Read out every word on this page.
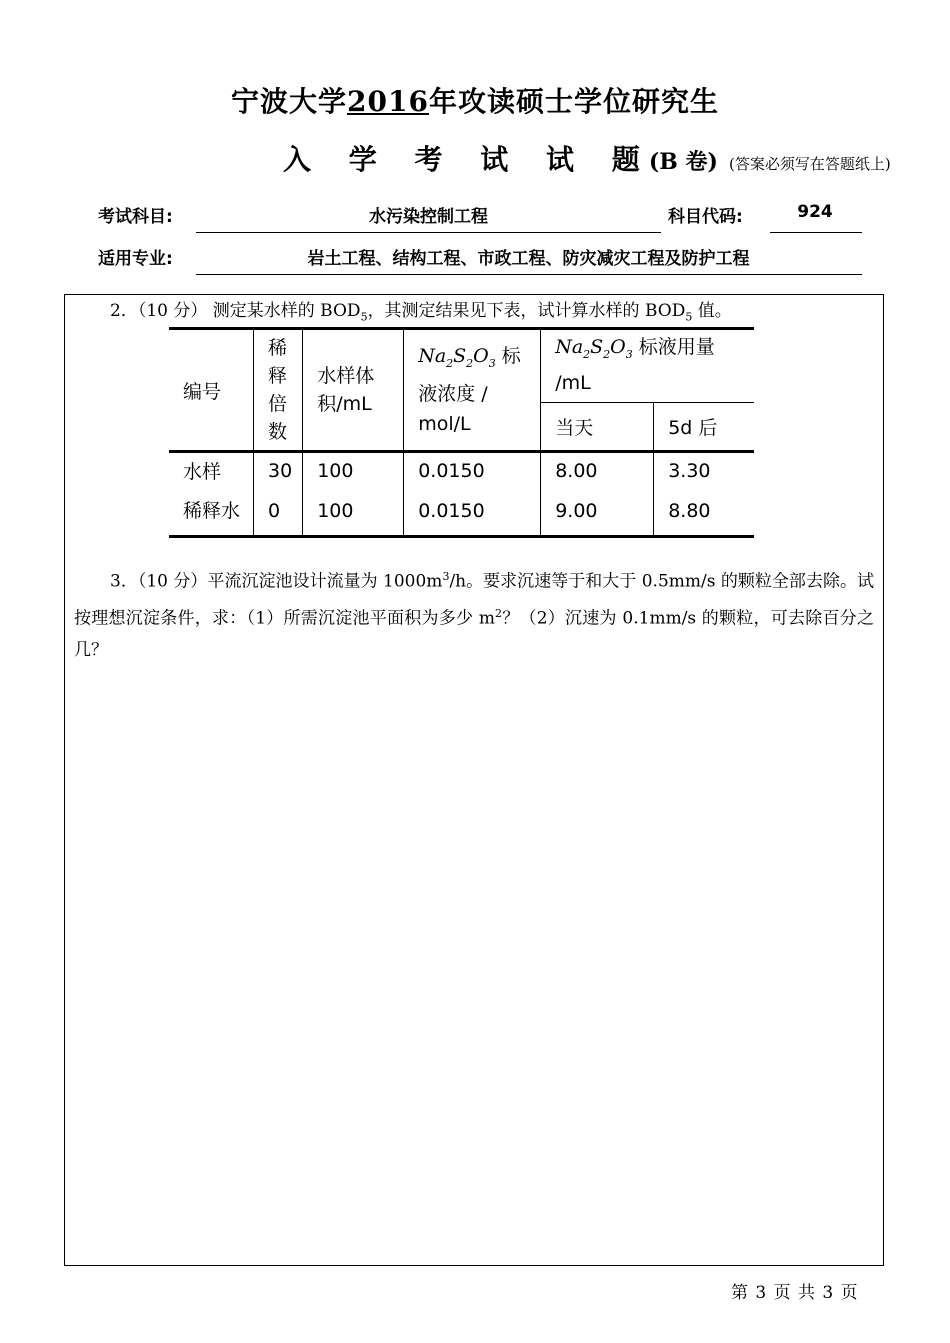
宁波大学2016年攻读硕士学位研究生
入 学 考 试 试 题 (B 卷) (答案必须写在答题纸上)
考试科目:	水污染控制工程	科目代码:	924
适用专业:	岩土工程、结构工程、市政工程、防灾减灾工程及防护工程
2．（10 分） 测定某水样的 $BOD_5$，其测定结果见下表，试计算水样的 $BOD_5$ 值。
编号	稀释倍数	水样体积/mL	$Na_2S_2O_3$ 标液浓度 / mol/L	$Na_2S_2O_3$ 标液用量
/mL	
				当天	5d 后
水样	30	100	0.0150	8.00	3.30
稀释水	0	100	0.0150	9.00	8.80
3．（10 分）平流沉淀池设计流量为 $1000m^3/h$。要求沉速等于和大于 0.5mm/s 的颗粒全部去除。试按理想沉淀条件，求：（1）所需沉淀池平面积为多少 $m^2$？（2）沉速为 0.1mm/s 的颗粒，可去除百分之几？
第 3 页 共 3 页
